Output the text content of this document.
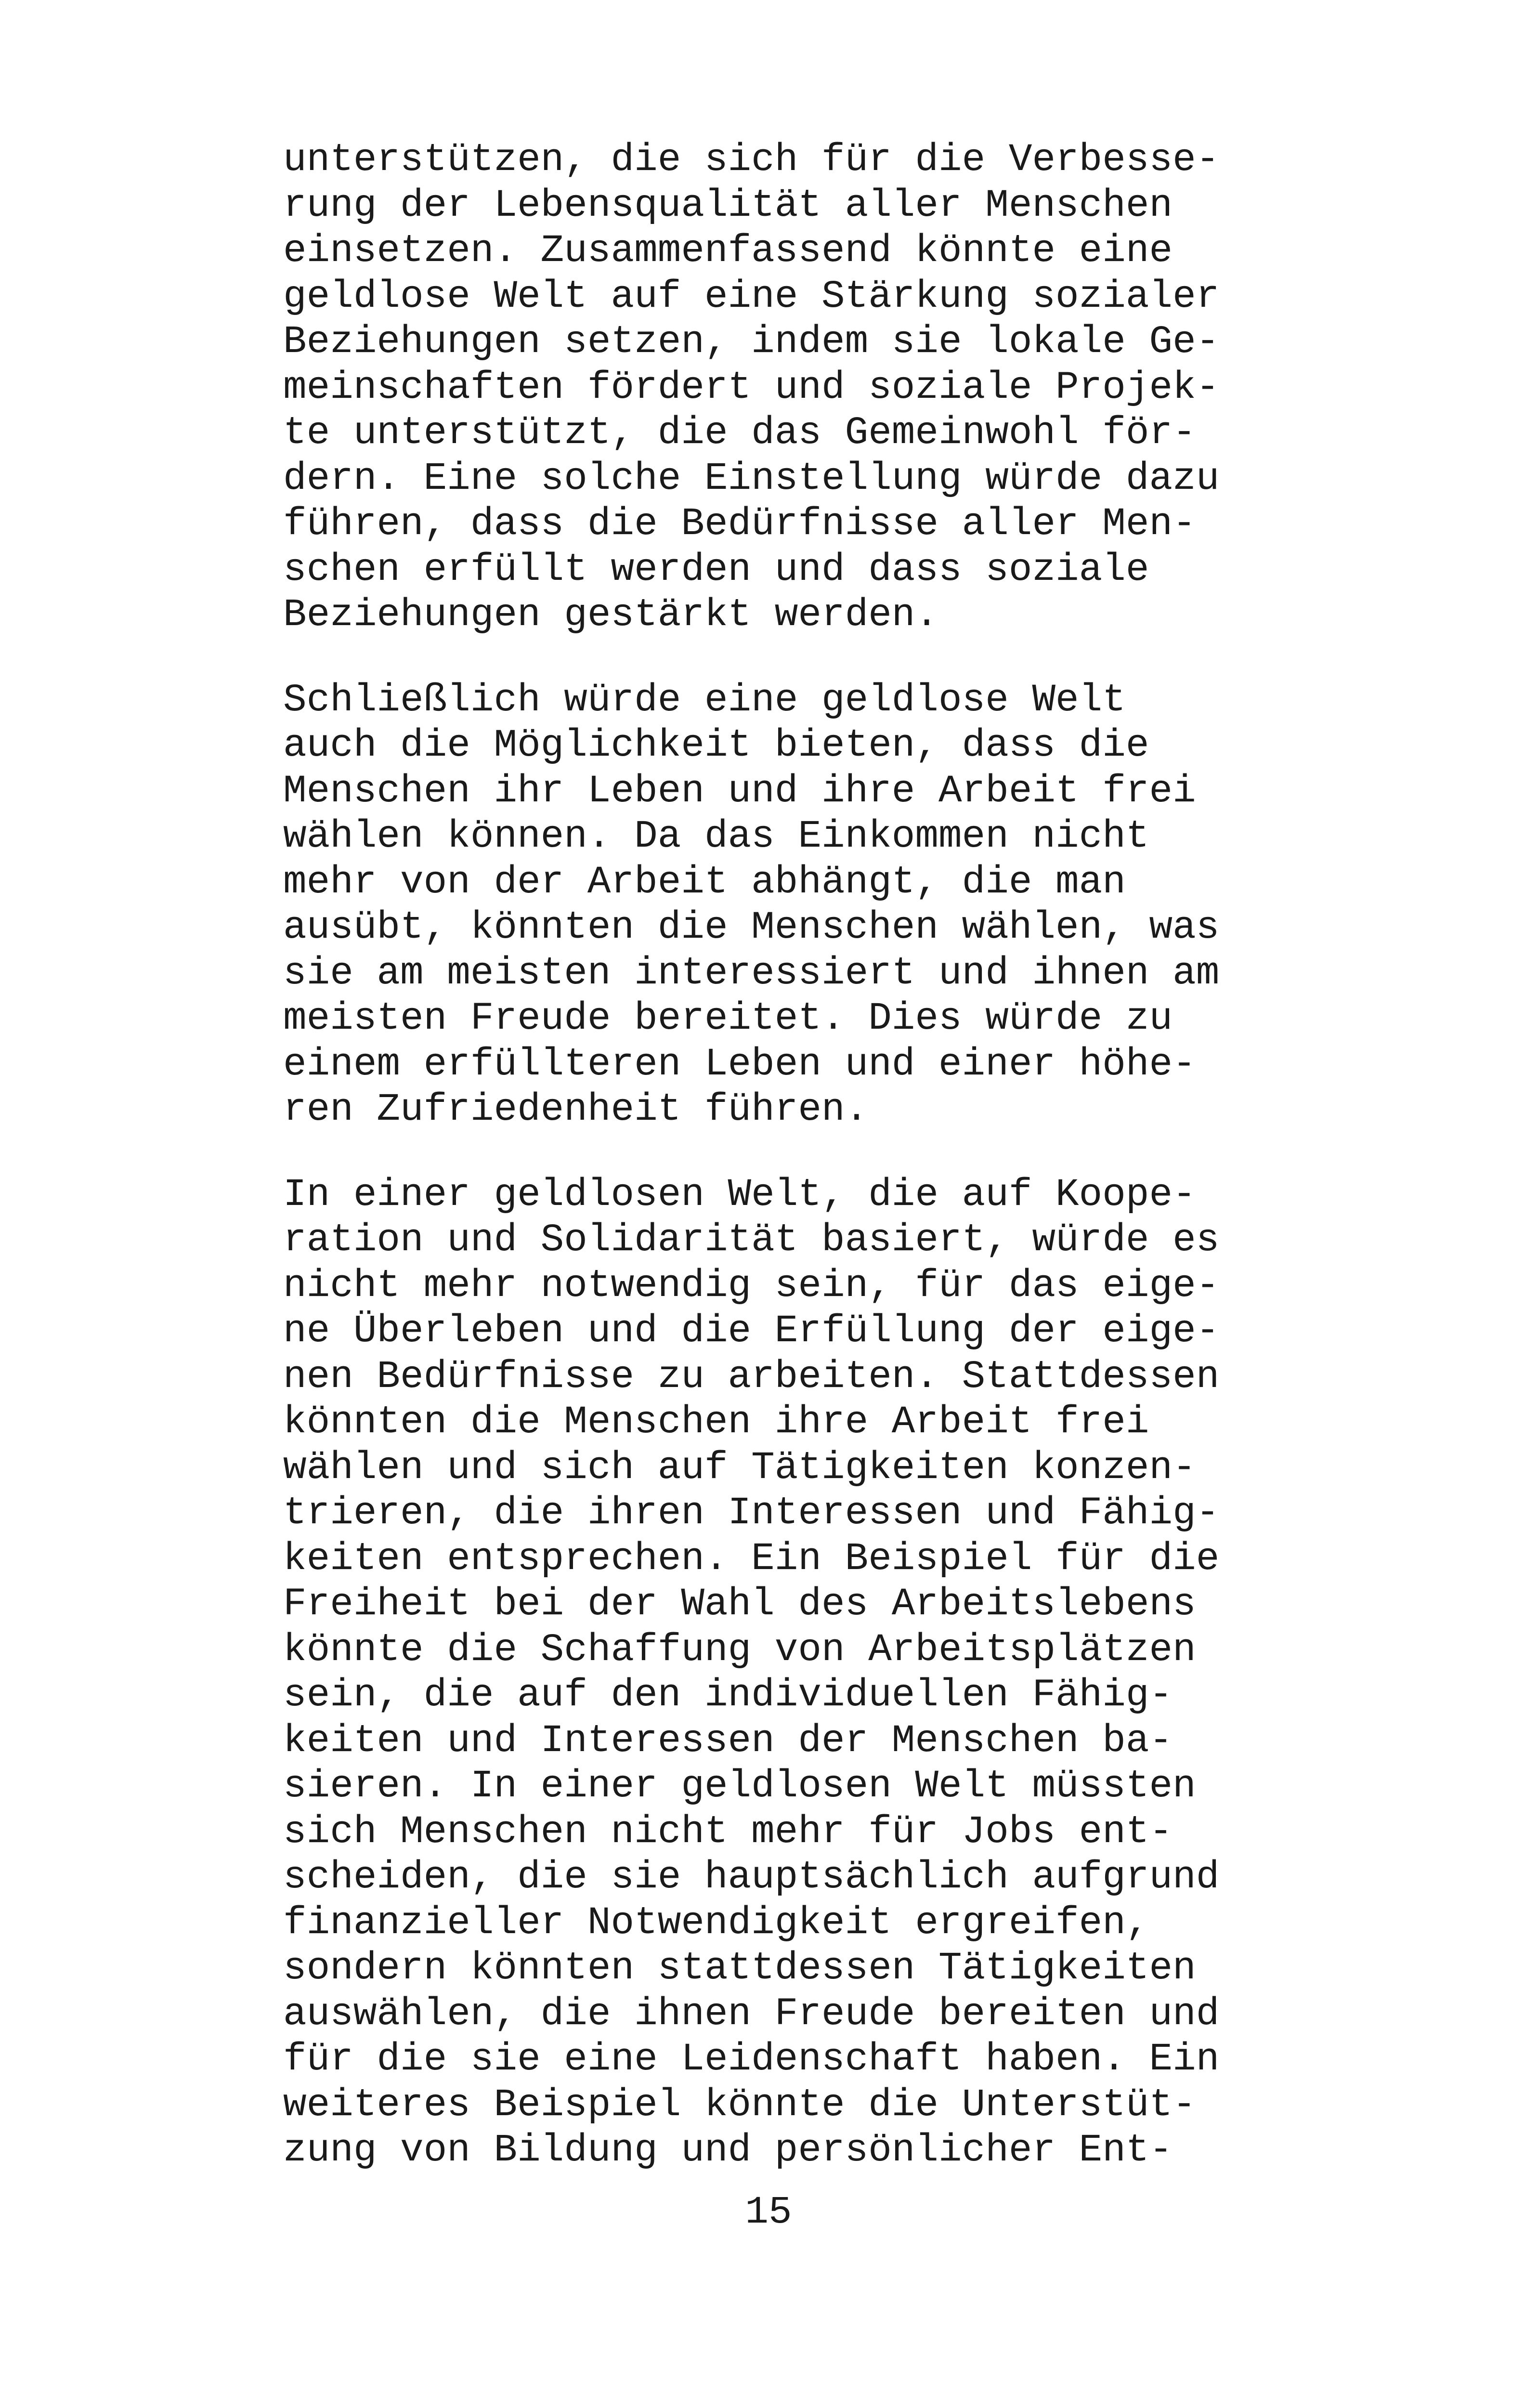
unterstützen, die sich für die Verbesse-
rung der Lebensqualität aller Menschen
einsetzen. Zusammenfassend könnte eine
geldlose Welt auf eine Stärkung sozialer
Beziehungen setzen, indem sie lokale Ge-
meinschaften fördert und soziale Projek-
te unterstützt, die das Gemeinwohl för-
dern. Eine solche Einstellung würde dazu
führen, dass die Bedürfnisse aller Men-
schen erfüllt werden und dass soziale
Beziehungen gestärkt werden.
Schließlich würde eine geldlose Welt
auch die Möglichkeit bieten, dass die
Menschen ihr Leben und ihre Arbeit frei
wählen können. Da das Einkommen nicht
mehr von der Arbeit abhängt, die man
ausübt, könnten die Menschen wählen, was
sie am meisten interessiert und ihnen am
meisten Freude bereitet. Dies würde zu
einem erfüllteren Leben und einer höhe-
ren Zufriedenheit führen.
In einer geldlosen Welt, die auf Koope-
ration und Solidarität basiert, würde es
nicht mehr notwendig sein, für das eige-
ne Überleben und die Erfüllung der eige-
nen Bedürfnisse zu arbeiten. Stattdessen
könnten die Menschen ihre Arbeit frei
wählen und sich auf Tätigkeiten konzen-
trieren, die ihren Interessen und Fähig-
keiten entsprechen. Ein Beispiel für die
Freiheit bei der Wahl des Arbeitslebens
könnte die Schaffung von Arbeitsplätzen
sein, die auf den individuellen Fähig-
keiten und Interessen der Menschen ba-
sieren. In einer geldlosen Welt müssten
sich Menschen nicht mehr für Jobs ent-
scheiden, die sie hauptsächlich aufgrund
finanzieller Notwendigkeit ergreifen,
sondern könnten stattdessen Tätigkeiten
auswählen, die ihnen Freude bereiten und
für die sie eine Leidenschaft haben. Ein
weiteres Beispiel könnte die Unterstüt-
zung von Bildung und persönlicher Ent-
15
